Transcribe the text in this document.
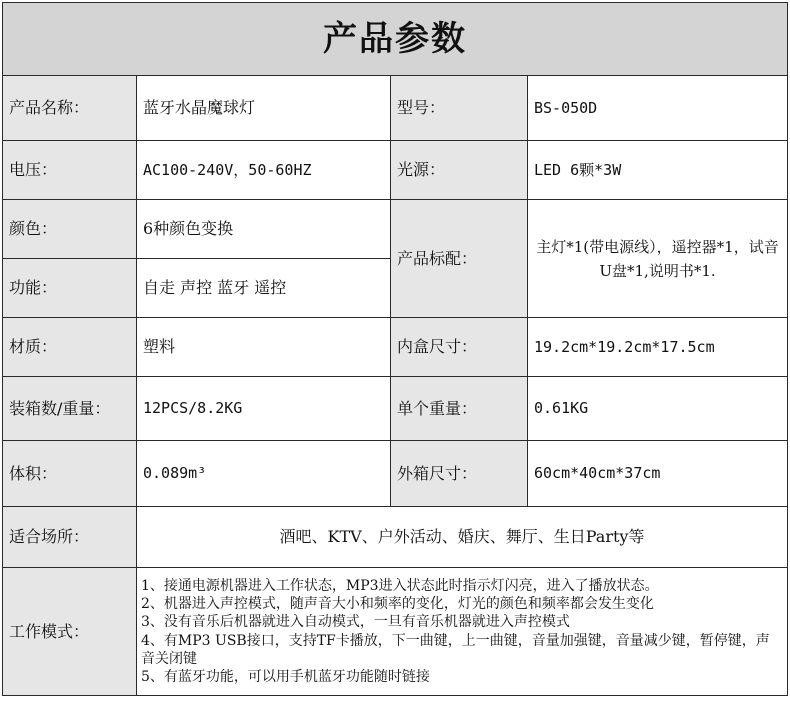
产品参数			
产品名称：	蓝牙水晶魔球灯	型号：	BS-050D
电压：	AC100-240V，50-60HZ	光源：	LED 6颗*3W
颜色：	6种颜色变换	产品标配：	主灯*1(带电源线），遥控器*1，试音U盘*1,说明书*1.
功能：	自走 声控 蓝牙 遥控		
材质：	塑料	内盒尺寸：	19.2cm*19.2cm*17.5cm
装箱数/重量：	12PCS/8.2KG	单个重量：	0.61KG
体积：	0.089m³	外箱尺寸：	60cm*40cm*37cm
适合场所：	酒吧、KTV、户外活动、婚庆、舞厅、生日Party等		
工作模式：	1、接通电源机器进入工作状态，MP3进入状态此时指示灯闪亮，进入了播放状态。
2、机器进入声控模式，随声音大小和频率的变化，灯光的颜色和频率都会发生变化
3、没有音乐后机器就进入自动模式，一旦有音乐机器就进入声控模式
4、有MP3 USB接口，支持TF卡播放，下一曲键，上一曲键，音量加强键，音量减少键，暂停键，声音关闭键
5、有蓝牙功能，可以用手机蓝牙功能随时链接		
